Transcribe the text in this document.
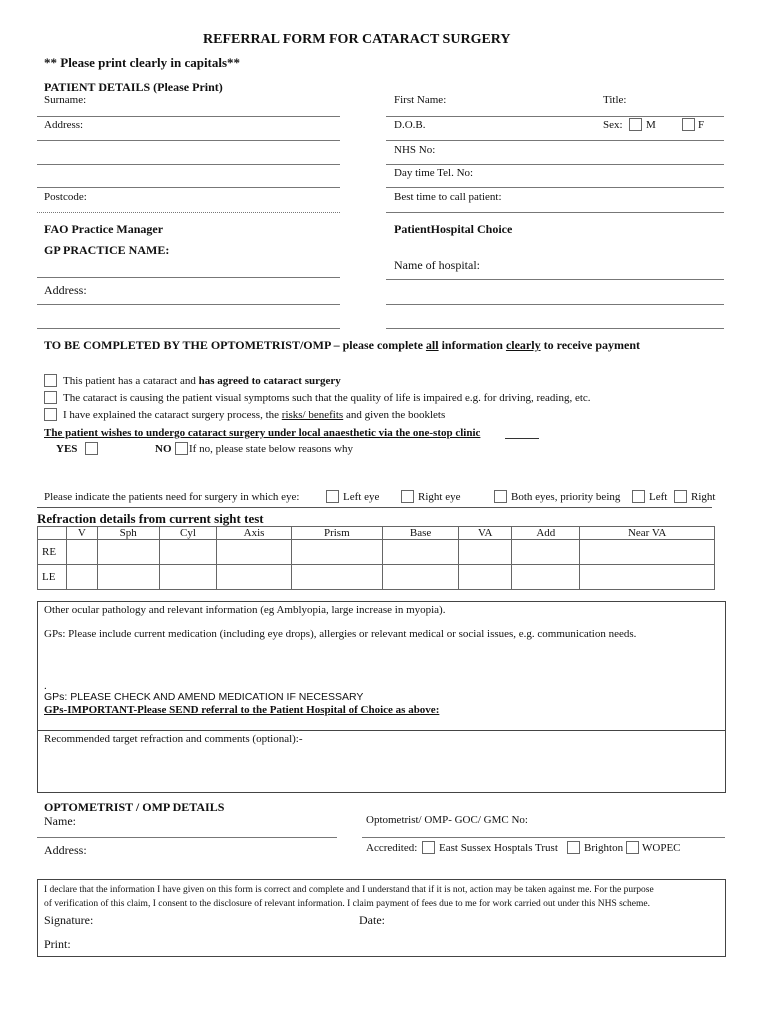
REFERRAL FORM FOR CATARACT SURGERY
** Please print clearly in capitals**
PATIENT DETAILS (Please Print)
Surname:	First Name:	Title:
Address:	D.O.B.	Sex: M	F
NHS No:
Day time Tel. No:
Postcode:	Best time to call patient:
FAO Practice Manager	PatientHospital Choice
GP PRACTICE NAME:
Name of hospital:
Address:
TO BE COMPLETED BY THE OPTOMETRIST/OMP – please complete all information clearly to receive payment
This patient has a cataract and has agreed to cataract surgery
The cataract is causing the patient visual symptoms such that the quality of life is impaired e.g. for driving, reading, etc.
I have explained the cataract surgery process, the risks/ benefits and given the booklets
The patient wishes to undergo cataract surgery under local anaesthetic via the one-stop clinic
YES	NO If no, please state below reasons why
Please indicate the patients need for surgery in which eye:	Left eye	Right eye	Both eyes, priority being	Left Right
Refraction details from current sight test
	V	Sph	Cyl	Axis	Prism	Base	VA	Add	Near VA
RE									
LE									
Other ocular pathology and relevant information (eg Amblyopia, large increase in myopia).
GPs: Please include current medication (including eye drops), allergies or relevant medical or social issues, e.g. communication needs.
.
GPs: PLEASE CHECK AND AMEND MEDICATION IF NECESSARY
GPs-IMPORTANT-Please SEND referral to the Patient Hospital of Choice as above:
Recommended target refraction and comments (optional):-
OPTOMETRIST / OMP DETAILS
Name:	Optometrist/ OMP- GOC/ GMC No:
Address:	Accredited: East Sussex Hosptals Trust Brighton WOPEC
I declare that the information I have given on this form is correct and complete and I understand that if it is not, action may be taken against me. For the purpose
of verification of this claim, I consent to the disclosure of relevant information. I claim payment of fees due to me for work carried out under this NHS scheme.
Signature:	Date:
Print:
